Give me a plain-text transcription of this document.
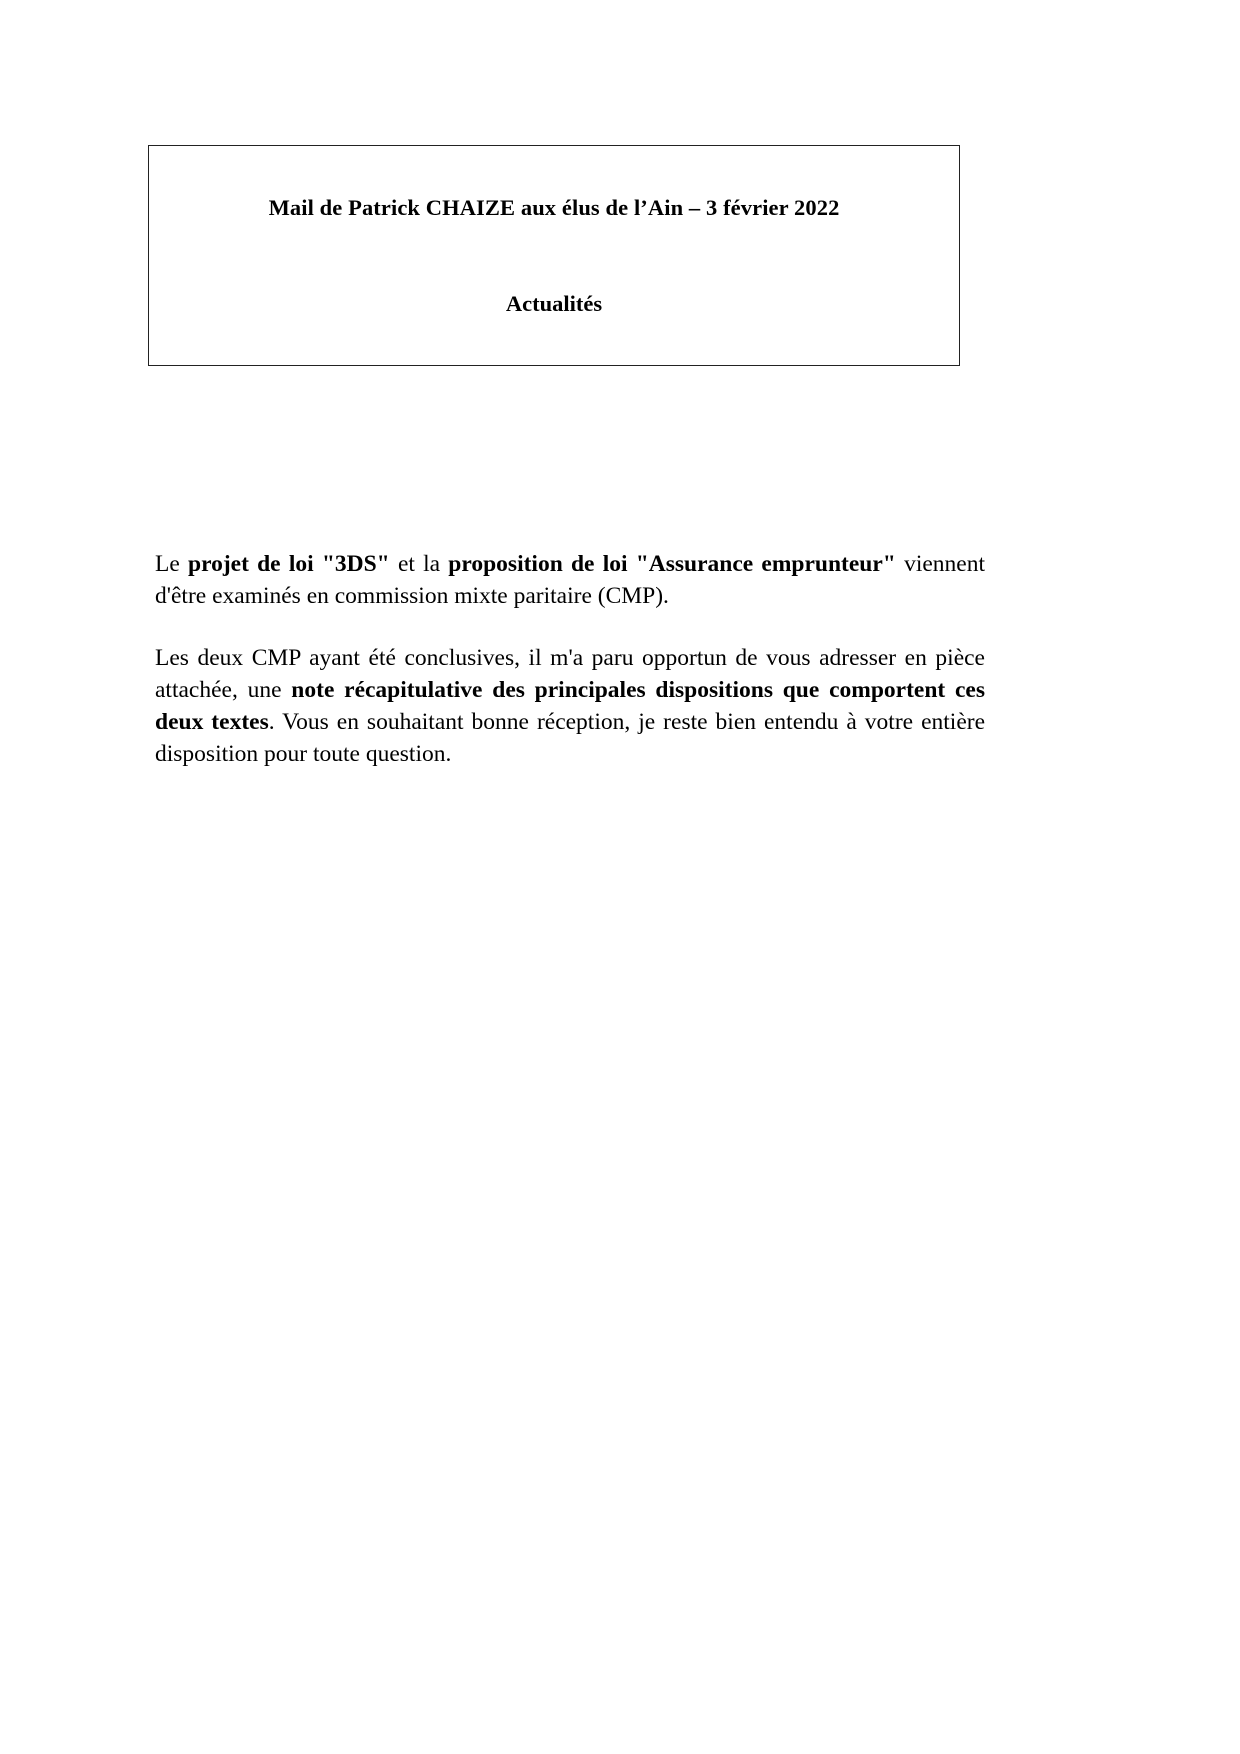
Mail de Patrick CHAIZE aux élus de l’Ain – 3 février 2022
Actualités

Le projet de loi "3DS" et la proposition de loi "Assurance emprunteur" viennent d'être examinés en commission mixte paritaire (CMP).

Les deux CMP ayant été conclusives, il m'a paru opportun de vous adresser en pièce attachée, une note récapitulative des principales dispositions que comportent ces deux textes. Vous en souhaitant bonne réception, je reste bien entendu à votre entière disposition pour toute question.
